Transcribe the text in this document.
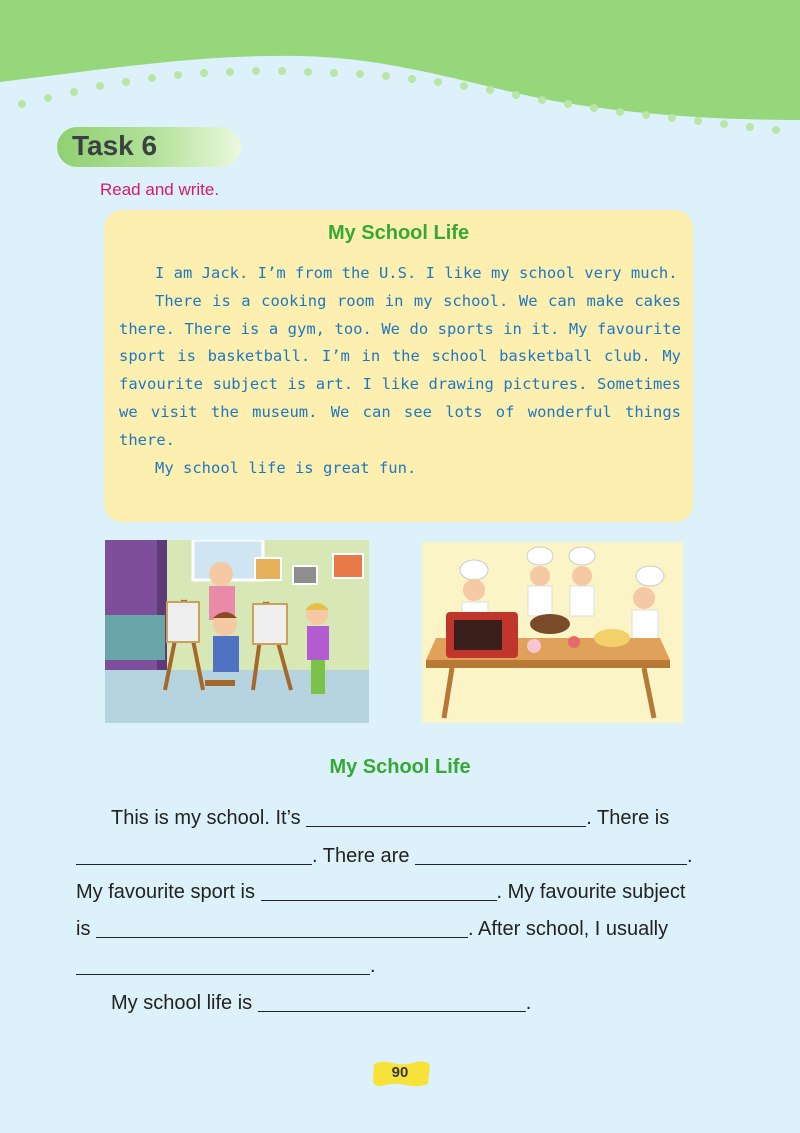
Task 6
Read and write.
My School Life

I am Jack. I’m from the U.S. I like my school very much.

There is a cooking room in my school. We can make cakes there. There is a gym, too. We do sports in it. My favourite sport is basketball. I’m in the school basketball club. My favourite subject is art. I like drawing pictures. Sometimes we visit the museum. We can see lots of wonderful things there.

My school life is great fun.

My School Life
This is my school. It’s	. There is
. There are	.
My favourite sport is	. My favourite subject
is	. After school, I usually
.
My school life is	.
90
